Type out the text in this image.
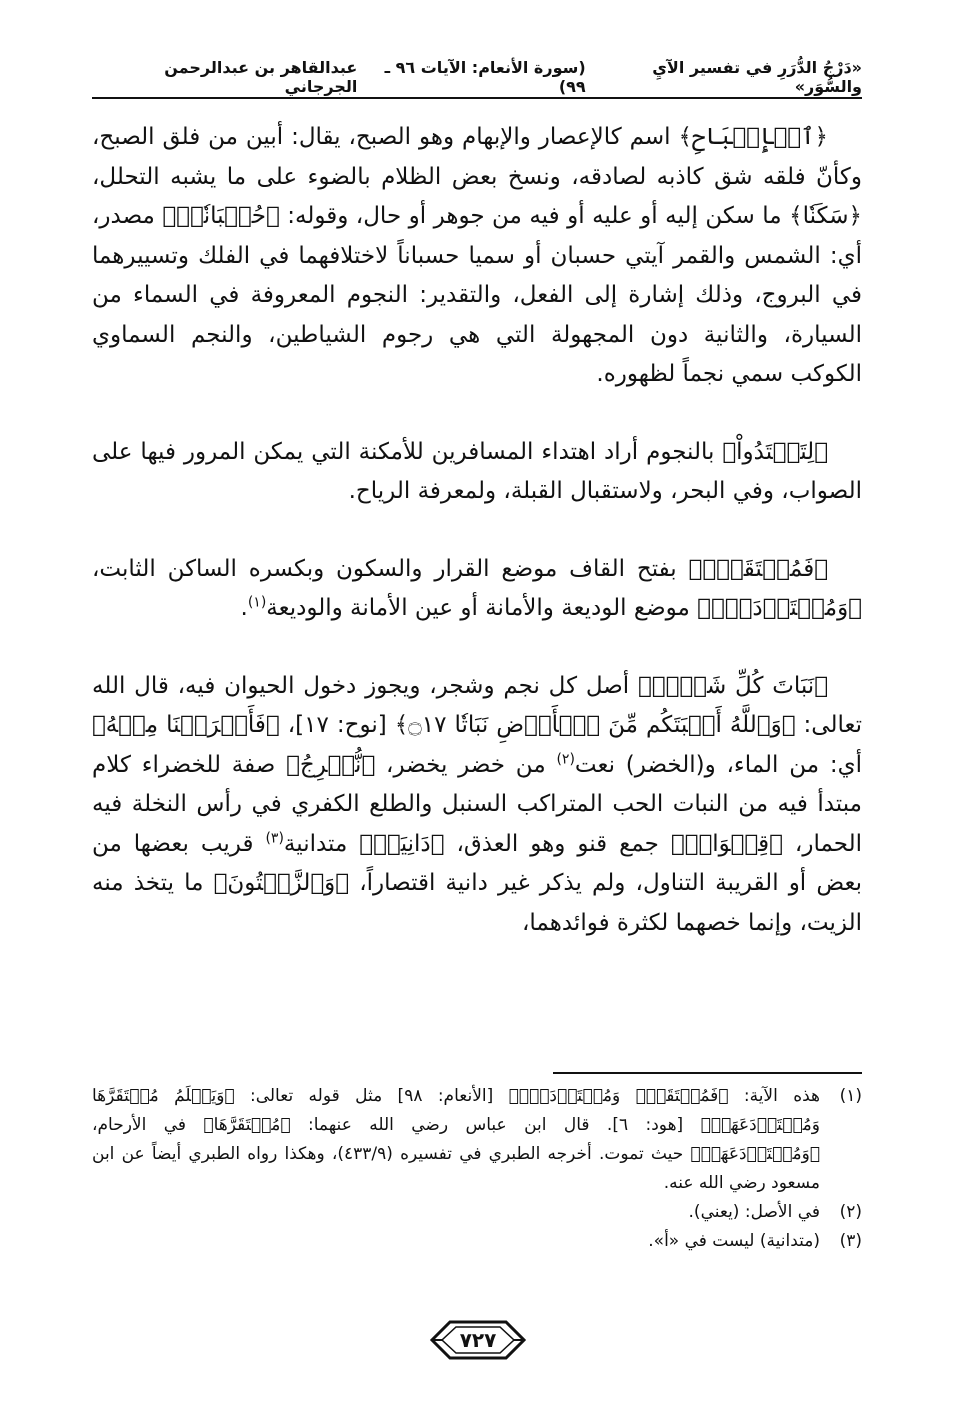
«دَرْجُ الدُّرَرِ في تفسير الآيِ والسُّوَر»
(سورة الأنعام: الآيات ٩٦ ـ ٩٩)
عبدالقاهر بن عبدالرحمن الجرجاني

﴿ٱلۡإِصۡبَاحِ﴾ اسم كالإعصار والإبهام وهو الصبح، يقال: أبين من فلق الصبح، وكأنّ فلقه شق كاذبه لصادقه، ونسخ بعض الظلام بالضوء على ما يشبه التحلل، ﴿سَكَنٗا﴾ ما سكن إليه أو عليه أو فيه من جوهر أو حال، وقوله: ﴿حُسۡبَانٗاۚ﴾ مصدر، أي: الشمس والقمر آيتي حسبان أو سميا حسباناً لاختلافهما في الفلك وتسييرهما في البروج، وذلك إشارة إلى الفعل، والتقدير: النجوم المعروفة في السماء من السيارة، والثانية دون المجهولة التي هي رجوم الشياطين، والنجم السماوي الكوكب سمي نجماً لظهوره.

﴿لِتَهۡتَدُواْ﴾ بالنجوم أراد اهتداء المسافرين للأمكنة التي يمكن المرور فيها على الصواب، وفي البحر، ولاستقبال القبلة، ولمعرفة الرياح.

﴿فَمُسۡتَقَرّٞ﴾ بفتح القاف موضع القرار والسكون وبكسره الساكن الثابت، ﴿وَمُسۡتَوۡدَعٞۗ﴾ موضع الوديعة والأمانة أو عين الأمانة والوديعة$^{(١)}$.

﴿نَبَاتَ كُلِّ شَيۡءٖ﴾ أصل كل نجم وشجر، ويجوز دخول الحيوان فيه، قال الله تعالى: ﴿وَٱللَّهُ أَنۢبَتَكُم مِّنَ ٱلۡأَرۡضِ نَبَاتٗا ۝١٧﴾ [نوح: ١٧]، ﴿فَأَخۡرَجۡنَا مِنۡهُ﴾ أي: من الماء، و(الخضر) نعت$^{(٢)}$ من خضر يخضر، ﴿نُّخۡرِجُ﴾ صفة للخضراء كلام مبتدأ فيه من النبات الحب المتراكب السنبل والطلع الكفري في رأس النخلة فيه الحمار، ﴿قِنۡوَانٞ﴾ جمع قنو وهو العذق، ﴿دَانِيَةٞ﴾ متدانية$^{(٣)}$ قريب بعضها من بعض أو القريبة التناول، ولم يذكر غير دانية اقتصاراً، ﴿وَٱلزَّيۡتُونَ﴾ ما يتخذ منه الزيت، وإنما خصهما لكثرة فوائدهما،

(١)
هذه الآية: ﴿فَمُسۡتَقَرّٞ وَمُسۡتَوۡدَعٞۗ﴾ [الأنعام: ٩٨] مثل قوله تعالى: ﴿وَيَعۡلَمُ مُسۡتَقَرَّهَا وَمُسۡتَوۡدَعَهَاۚ﴾ [هود: ٦]. قال ابن عباس رضي الله عنهما: ﴿مُسۡتَقَرَّهَا﴾ في الأرحام، ﴿وَمُسۡتَوۡدَعَهَاۚ﴾ حيث تموت. أخرجه الطبري في تفسيره (٤٣٣/٩)، وهكذا رواه الطبري أيضاً عن ابن مسعود رضي الله عنه.
(٢)
في الأصل: (يعني).
(٣)
(متدانية) ليست في «أ».
٧٢٧
